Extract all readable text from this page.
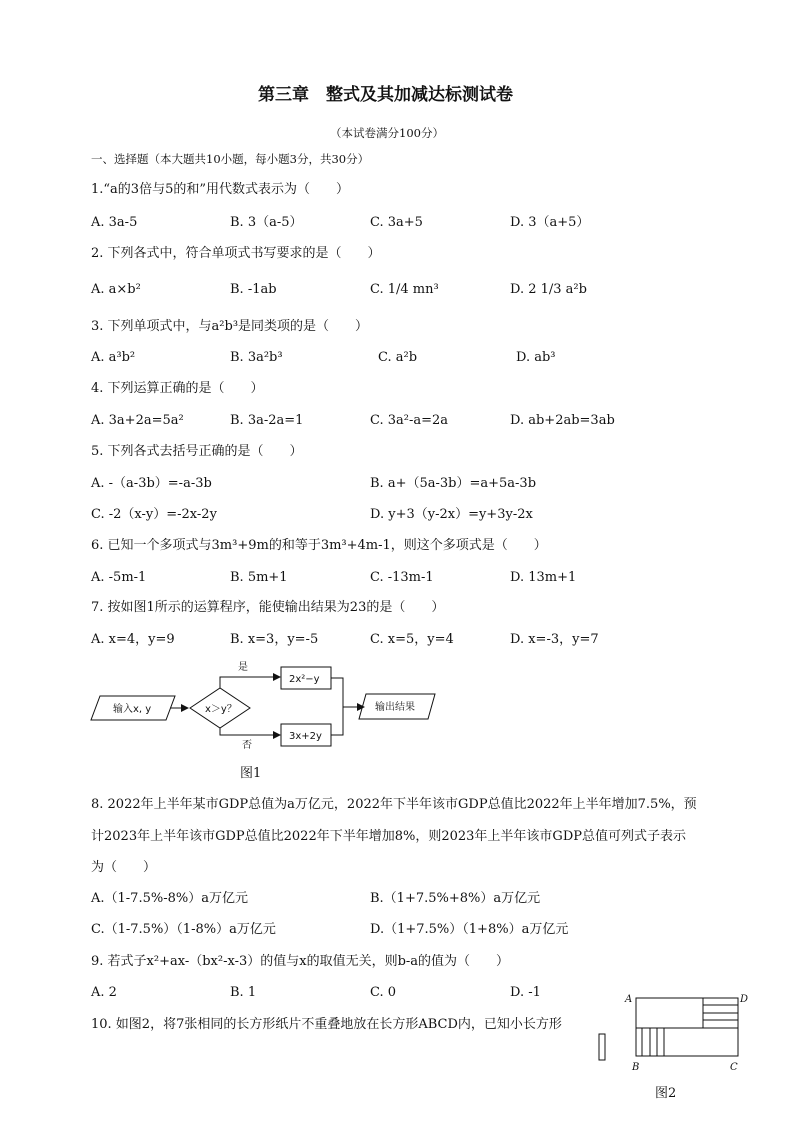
第三章　整式及其加减达标测试卷
（本试卷满分100分）
一、选择题（本大题共10小题，每小题3分，共30分）
1.“a的3倍与5的和”用代数式表示为（　　）
A. 3a-5	B. 3（a-5）	C. 3a+5	D. 3（a+5）
2. 下列各式中，符合单项式书写要求的是（　　）
A. a×b²	B. -1ab	C. 1/4 mn³	D. 2 1/3 a²b
3. 下列单项式中，与a²b³是同类项的是（　　）
A. a³b²	B. 3a²b³	C. a²b	D. ab³
4. 下列运算正确的是（　　）
A. 3a+2a=5a²	B. 3a-2a=1	C. 3a²-a=2a	D. ab+2ab=3ab
5. 下列各式去括号正确的是（　　）
A. -（a-3b）=-a-3b	B. a+（5a-3b）=a+5a-3b
C. -2（x-y）=-2x-2y	D. y+3（y-2x）=y+3y-2x
6. 已知一个多项式与3m³+9m的和等于3m³+4m-1，则这个多项式是（　　）
A. -5m-1	B. 5m+1	C. -13m-1	D. 13m+1
7. 按如图1所示的运算程序，能使输出结果为23的是（　　）
A. x=4，y=9	B. x=3，y=-5	C. x=5，y=4	D. x=-3，y=7
输入x, y	x＞y？
是
2x²−y
否
3x+2y
输出结果
A	D
B	C
图1
8. 2022年上半年某市GDP总值为a万亿元，2022年下半年该市GDP总值比2022年上半年增加7.5%，预
计2023年上半年该市GDP总值比2022年下半年增加8%，则2023年上半年该市GDP总值可列式子表示
为（　　）
A.（1-7.5%-8%）a万亿元	B.（1+7.5%+8%）a万亿元
C.（1-7.5%）（1-8%）a万亿元	D.（1+7.5%）（1+8%）a万亿元
9. 若式子x²+ax-（bx²-x-3）的值与x的取值无关，则b-a的值为（　　）
A. 2	B. 1	C. 0	D. -1
10. 如图2，将7张相同的长方形纸片不重叠地放在长方形ABCD内，已知小长方形
图2
